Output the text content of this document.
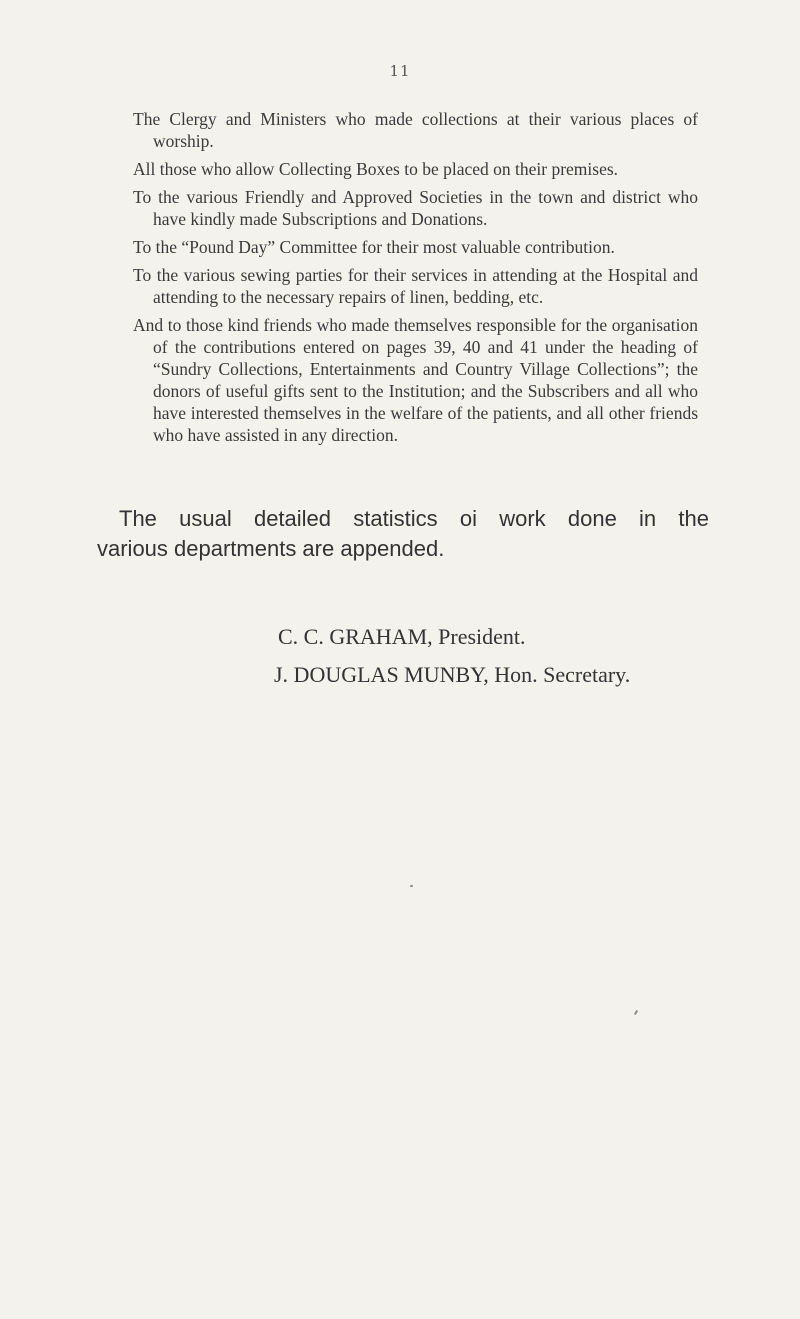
11

The Clergy and Ministers who made collections at their various places of worship.

All those who allow Collecting Boxes to be placed on their premises.

To the various Friendly and Approved Societies in the town and district who have kindly made Subscriptions and Donations.

To the “Pound Day” Committee for their most valuable contribution.

To the various sewing parties for their services in attending at the Hospital and attending to the necessary repairs of linen, bedding, etc.

And to those kind friends who made themselves responsible for the organisation of the contributions entered on pages 39, 40 and 41 under the heading of “Sundry Collections, Entertainments and Country Village Collections”; the donors of useful gifts sent to the Institution; and the Subscribers and all who have interested themselves in the welfare of the patients, and all other friends who have assisted in any direction.

The usual detailed statistics oi work done in the
various departments are appended.
C. C. GRAHAM, President.
J. DOUGLAS MUNBY, Hon. Secretary.
